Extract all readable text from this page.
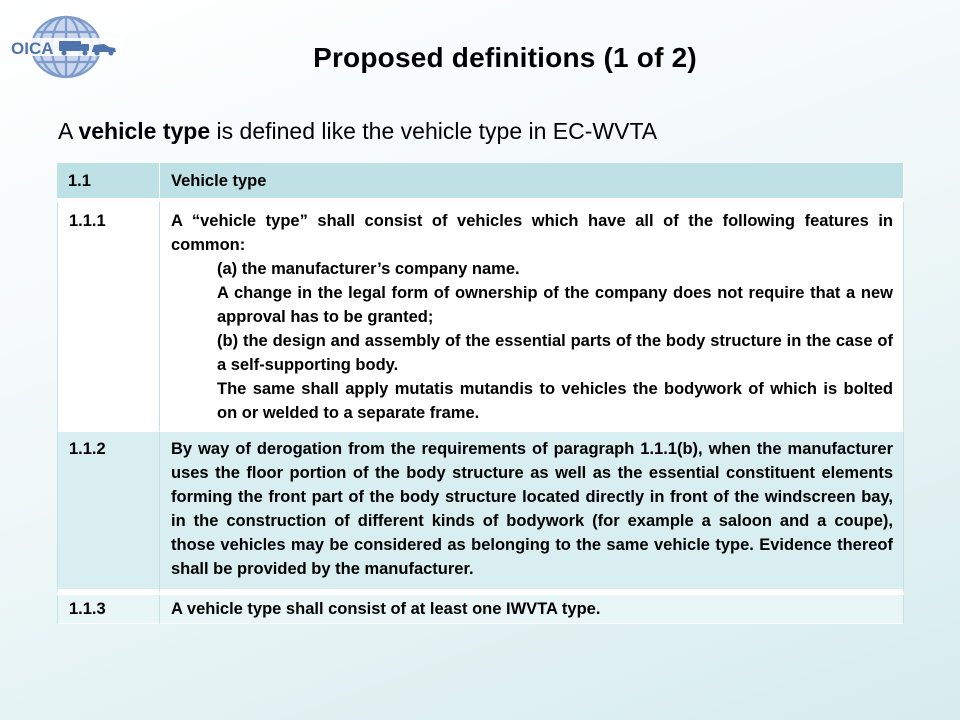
OICA	Proposed definitions (1 of 2)
A vehicle type is defined like the vehicle type in EC-WVTA
1.1	Vehicle type
1.1.1	A “vehicle type” shall consist of vehicles which have all of the following features in common:

(a) the manufacturer’s company name.

A change in the legal form of ownership of the company does not require that a new approval has to be granted;

(b) the design and assembly of the essential parts of the body structure in the case of a self-supporting body.

The same shall apply mutatis mutandis to vehicles the bodywork of which is bolted on or welded to a separate frame.

1.1.2	By way of derogation from the requirements of paragraph 1.1.1(b), when the manufacturer uses the floor portion of the body structure as well as the essential constituent elements forming the front part of the body structure located directly in front of the windscreen bay, in the construction of different kinds of bodywork (for example a saloon and a coupe), those vehicles may be considered as belonging to the same vehicle type. Evidence thereof shall be provided by the manufacturer.
1.1.3	A vehicle type shall consist of at least one IWVTA type.
